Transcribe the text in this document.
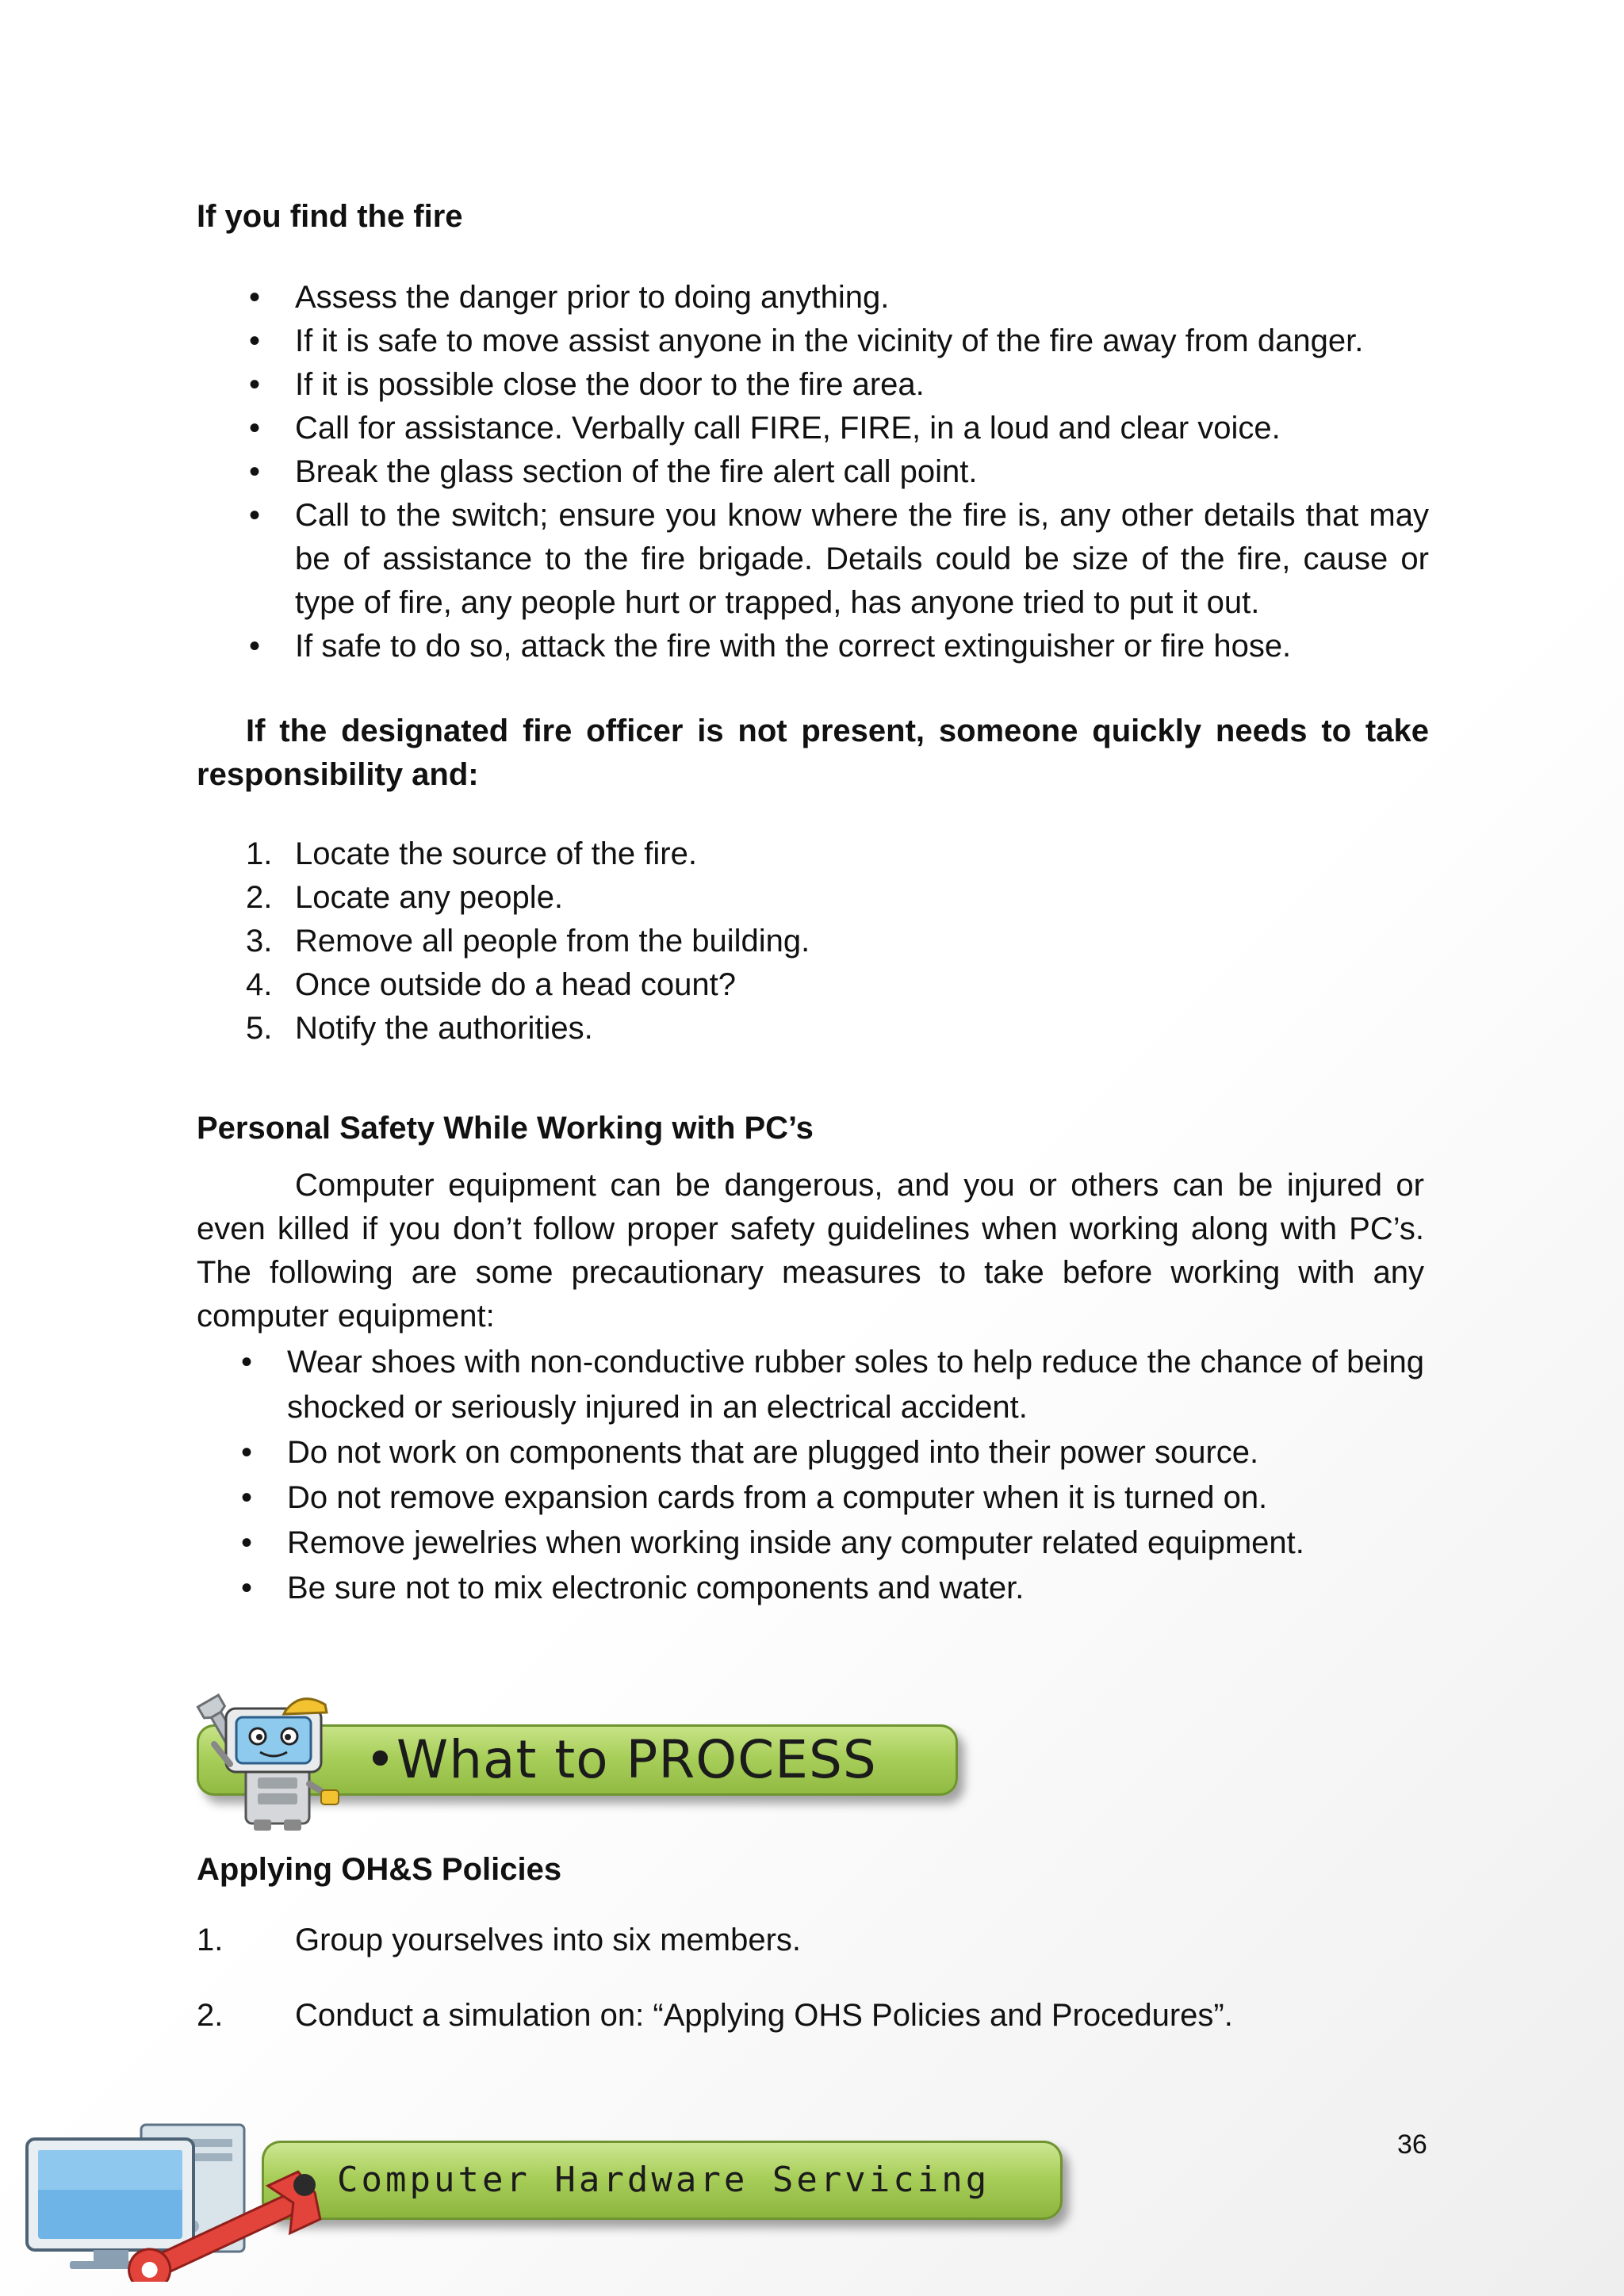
If you find the fire
•	Assess the danger prior to doing anything.
•	If it is safe to move assist anyone in the vicinity of the fire away from danger.
•	If it is possible close the door to the fire area.
•	Call for assistance. Verbally call FIRE, FIRE, in a loud and clear voice.
•	Break the glass section of the fire alert call point.
•	Call to the switch; ensure you know where the fire is, any other details that may be of assistance to the fire brigade. Details could be size of the fire, cause or type of fire, any people hurt or trapped, has anyone tried to put it out.
•	If safe to do so, attack the fire with the correct extinguisher or fire hose.
If the designated fire officer is not present, someone quickly needs to take responsibility and:
1. Locate the source of the fire.
2. Locate any people.
3. Remove all people from the building.
4. Once outside do a head count?
5. Notify the authorities.
Personal Safety While Working with PC’s
Computer equipment can be dangerous, and you or others can be injured or even killed if you don’t follow proper safety guidelines when working along with PC’s. The following are some precautionary measures to take before working with any computer equipment:
•	Wear shoes with non-conductive rubber soles to help reduce the chance of being shocked or seriously injured in an electrical accident.
•	Do not work on components that are plugged into their power source.
•	Do not remove expansion cards from a computer when it is turned on.
•	Remove jewelries when working inside any computer related equipment.
•	Be sure not to mix electronic components and water.
•What to PROCESS
Applying OH&S Policies
1. Group yourselves into six members.
2. Conduct a simulation on: “Applying OHS Policies and Procedures”.
36
Computer Hardware Servicing
